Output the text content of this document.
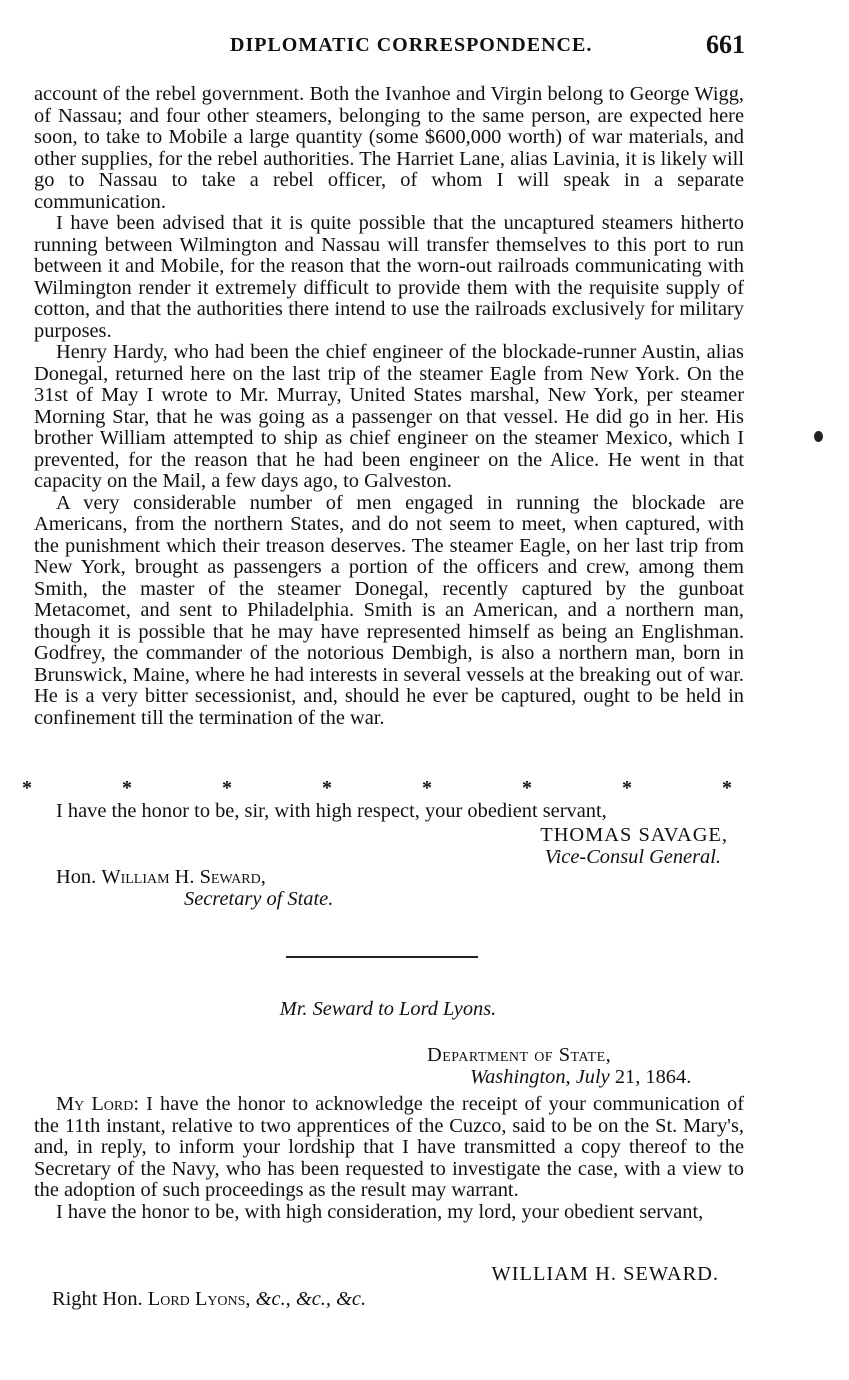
DIPLOMATIC CORRESPONDENCE.	661

account of the rebel government. Both the Ivanhoe and Virgin belong to George Wigg, of Nassau; and four other steamers, belonging to the same person, are expected here soon, to take to Mobile a large quantity (some $600,000 worth) of war materials, and other supplies, for the rebel authorities. The Harriet Lane, alias Lavinia, it is likely will go to Nassau to take a rebel officer, of whom I will speak in a separate communication.

I have been advised that it is quite possible that the uncaptured steamers hitherto running between Wilmington and Nassau will transfer themselves to this port to run between it and Mobile, for the reason that the worn-out railroads communicating with Wilmington render it extremely difficult to provide them with the requisite supply of cotton, and that the authorities there intend to use the railroads exclusively for military purposes.

Henry Hardy, who had been the chief engineer of the blockade-runner Austin, alias Donegal, returned here on the last trip of the steamer Eagle from New York. On the 31st of May I wrote to Mr. Murray, United States marshal, New York, per steamer Morning Star, that he was going as a passenger on that vessel. He did go in her. His brother William attempted to ship as chief engineer on the steamer Mexico, which I prevented, for the reason that he had been engineer on the Alice. He went in that capacity on the Mail, a few days ago, to Galveston.

A very considerable number of men engaged in running the blockade are Americans, from the northern States, and do not seem to meet, when captured, with the punishment which their treason deserves. The steamer Eagle, on her last trip from New York, brought as passengers a portion of the officers and crew, among them Smith, the master of the steamer Donegal, recently captured by the gunboat Metacomet, and sent to Philadelphia. Smith is an American, and a northern man, though it is possible that he may have represented himself as being an Englishman. Godfrey, the commander of the notorious Dembigh, is also a northern man, born in Brunswick, Maine, where he had interests in several vessels at the breaking out of war. He is a very bitter secessionist, and, should he ever be captured, ought to be held in confinement till the termination of the war.

*	*	*	*	*	*	*	*
I have the honor to be, sir, with high respect, your obedient servant,
THOMAS SAVAGE,
Vice-Consul General.
Hon. William H. Seward,
Secretary of State.
Mr. Seward to Lord Lyons.
Department of State,
Washington, July 21, 1864.

My Lord: I have the honor to acknowledge the receipt of your communication of the 11th instant, relative to two apprentices of the Cuzco, said to be on the St. Mary's, and, in reply, to inform your lordship that I have transmitted a copy thereof to the Secretary of the Navy, who has been requested to investigate the case, with a view to the adoption of such proceedings as the result may warrant.

I have the honor to be, with high consideration, my lord, your obedient servant,

WILLIAM H. SEWARD.
Right Hon. Lord Lyons, &c., &c., &c.
